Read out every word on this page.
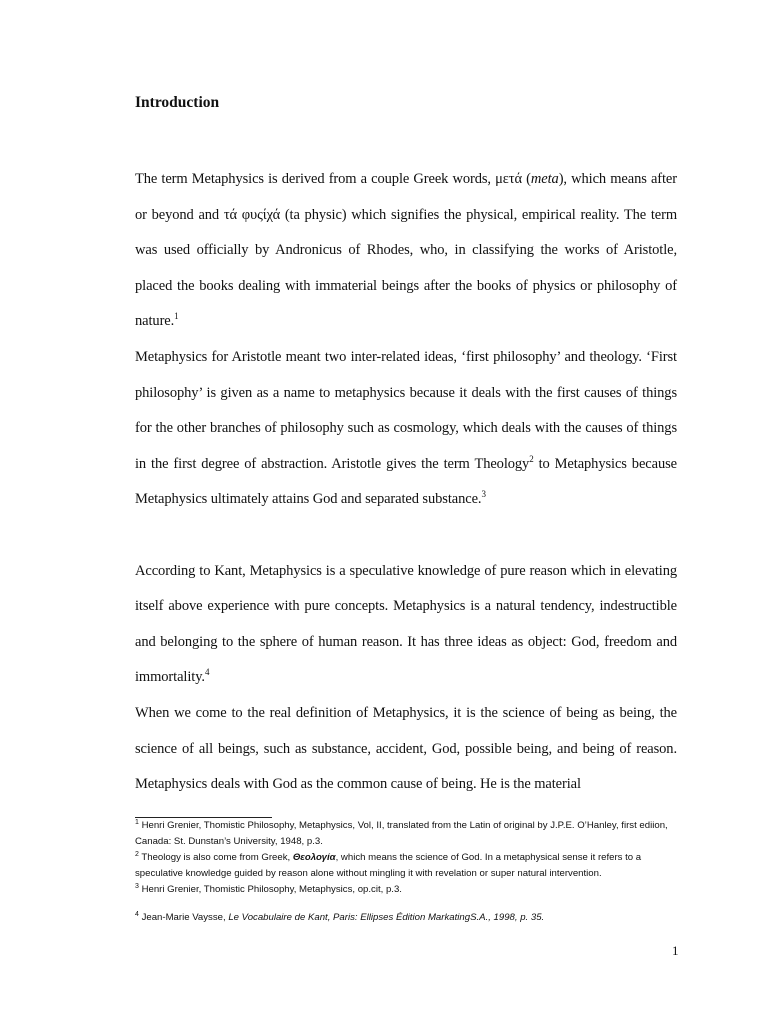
Introduction

The term Metaphysics is derived from a couple Greek words, μετά (meta), which means after or beyond and τά φυςίχά (ta physic) which signifies the physical, empirical reality. The term was used officially by Andronicus of Rhodes, who, in classifying the works of Aristotle, placed the books dealing with immaterial beings after the books of physics or philosophy of nature.$^1$

Metaphysics for Aristotle meant two inter-related ideas, ‘first philosophy’ and theology. ‘First philosophy’ is given as a name to metaphysics because it deals with the first causes of things for the other branches of philosophy such as cosmology, which deals with the causes of things in the first degree of abstraction. Aristotle gives the term Theology$^2$ to Metaphysics because Metaphysics ultimately attains God and separated substance.$^3$

According to Kant, Metaphysics is a speculative knowledge of pure reason which in elevating itself above experience with pure concepts. Metaphysics is a natural tendency, indestructible and belonging to the sphere of human reason. It has three ideas as object: God, freedom and immortality.$^4$

When we come to the real definition of Metaphysics, it is the science of being as being, the science of all beings, such as substance, accident, God, possible being, and being of reason. Metaphysics deals with God as the common cause of being. He is the material

$^1$ Henri Grenier, Thomistic Philosophy, Metaphysics, Vol, II, translated from the Latin of original by J.P.E. O’Hanley, first ediion, Canada: St. Dunstan’s University, 1948, p.3.

$^2$ Theology is also come from Greek, Θεολογία, which means the science of God. In a metaphysical sense it refers to a speculative knowledge guided by reason alone without mingling it with revelation or super natural intervention.

$^3$ Henri Grenier, Thomistic Philosophy, Metaphysics, op.cit, p.3.

$^4$ Jean-Marie Vaysse, Le Vocabulaire de Kant, Paris: Ellipses Édition MarkatingS.A., 1998, p. 35.

1
